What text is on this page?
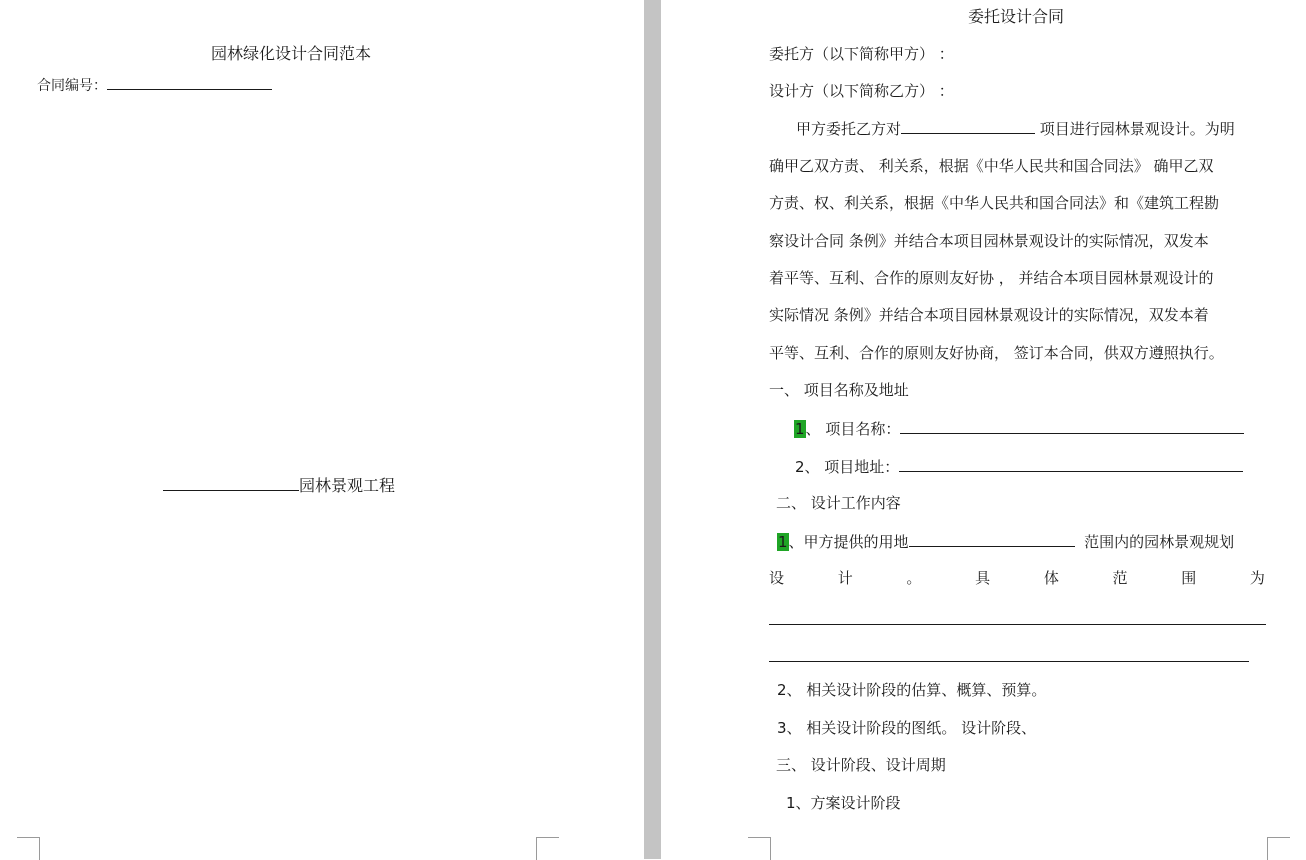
园林绿化设计合同范本
合同编号：
园林景观工程
委托设计合同
委托方（以下简称甲方） ：
设计方（以下简称乙方） ：
甲方委托乙方对	项目进行园林景观设计。为明
确甲乙双方责、 利关系，根据《中华人民共和国合同法》 确甲乙双
方责、权、利关系，根据《中华人民共和国合同法》和《建筑工程勘
察设计合同 条例》并结合本项目园林景观设计的实际情况，双发本
着平等、互利、合作的原则友好协 ， 并结合本项目园林景观设计的
实际情况 条例》并结合本项目园林景观设计的实际情况，双发本着
平等、互利、合作的原则友好协商， 签订本合同，供双方遵照执行。
一、 项目名称及地址
1、 项目名称：
2、 项目地址：
二、 设计工作内容
1、甲方提供的用地	范围内的园林景观规划
设	计	。	具	体	范	围	为
2、 相关设计阶段的估算、概算、预算。
3、 相关设计阶段的图纸。 设计阶段、
三、 设计阶段、设计周期
1、方案设计阶段
